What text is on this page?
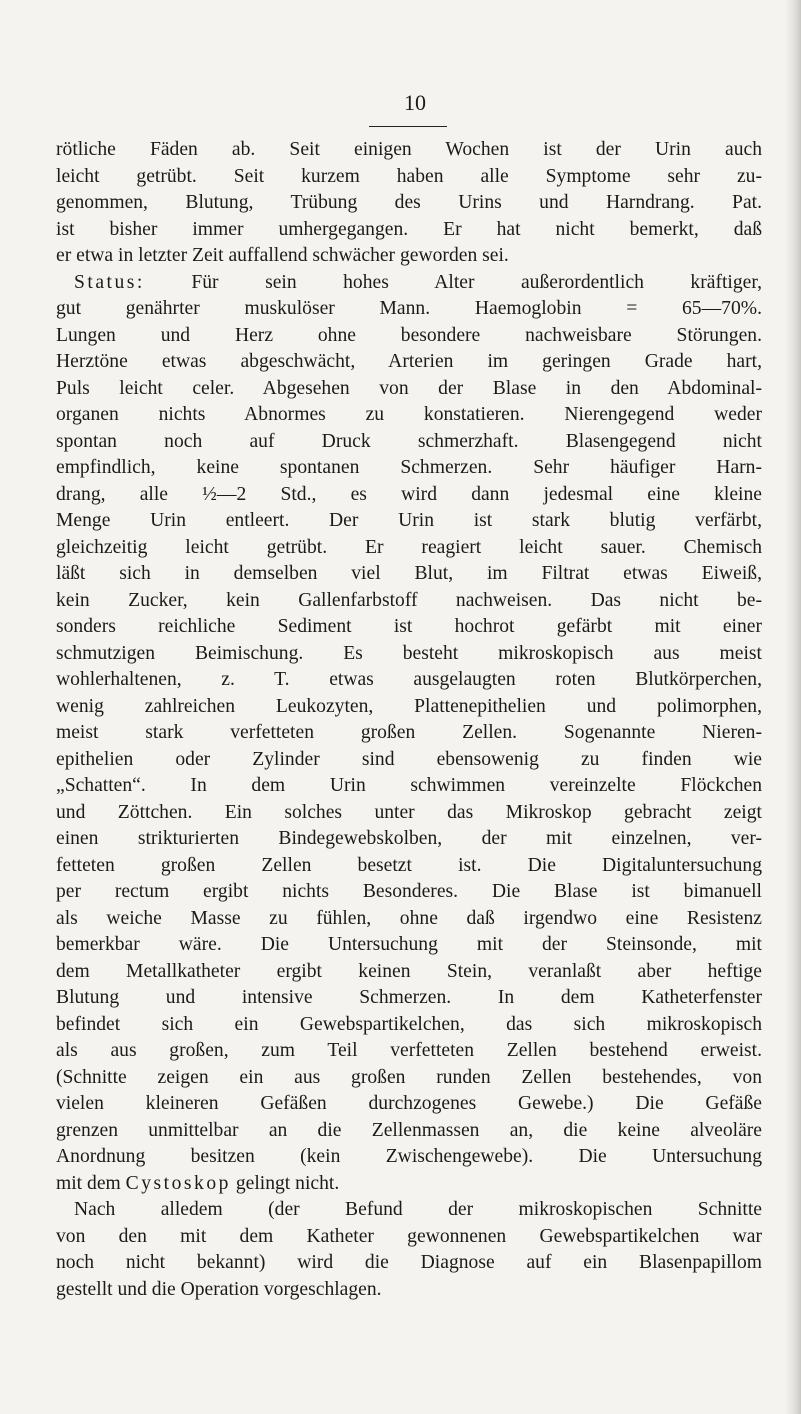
10
rötliche Fäden ab. Seit einigen Wochen ist der Urin auch
leicht getrübt. Seit kurzem haben alle Symptome sehr zu-
genommen, Blutung, Trübung des Urins und Harndrang. Pat.
ist bisher immer umhergegangen. Er hat nicht bemerkt, daß
er etwa in letzter Zeit auffallend schwächer geworden sei.
Status: Für sein hohes Alter außerordentlich kräftiger,
gut genährter muskulöser Mann. Haemoglobin = 65—70%.
Lungen und Herz ohne besondere nachweisbare Störungen.
Herztöne etwas abgeschwächt, Arterien im geringen Grade hart,
Puls leicht celer. Abgesehen von der Blase in den Abdominal-
organen nichts Abnormes zu konstatieren. Nierengegend weder
spontan noch auf Druck schmerzhaft. Blasengegend nicht
empfindlich, keine spontanen Schmerzen. Sehr häufiger Harn-
drang, alle ½—2 Std., es wird dann jedesmal eine kleine
Menge Urin entleert. Der Urin ist stark blutig verfärbt,
gleichzeitig leicht getrübt. Er reagiert leicht sauer. Chemisch
läßt sich in demselben viel Blut, im Filtrat etwas Eiweiß,
kein Zucker, kein Gallenfarbstoff nachweisen. Das nicht be-
sonders reichliche Sediment ist hochrot gefärbt mit einer
schmutzigen Beimischung. Es besteht mikroskopisch aus meist
wohlerhaltenen, z. T. etwas ausgelaugten roten Blutkörperchen,
wenig zahlreichen Leukozyten, Plattenepithelien und polimorphen,
meist stark verfetteten großen Zellen. Sogenannte Nieren-
epithelien oder Zylinder sind ebensowenig zu finden wie
„Schatten“. In dem Urin schwimmen vereinzelte Flöckchen
und Zöttchen. Ein solches unter das Mikroskop gebracht zeigt
einen strikturierten Bindegewebskolben, der mit einzelnen, ver-
fetteten großen Zellen besetzt ist. Die Digitaluntersuchung
per rectum ergibt nichts Besonderes. Die Blase ist bimanuell
als weiche Masse zu fühlen, ohne daß irgendwo eine Resistenz
bemerkbar wäre. Die Untersuchung mit der Steinsonde, mit
dem Metallkatheter ergibt keinen Stein, veranlaßt aber heftige
Blutung und intensive Schmerzen. In dem Katheterfenster
befindet sich ein Gewebspartikelchen, das sich mikroskopisch
als aus großen, zum Teil verfetteten Zellen bestehend erweist.
(Schnitte zeigen ein aus großen runden Zellen bestehendes, von
vielen kleineren Gefäßen durchzogenes Gewebe.) Die Gefäße
grenzen unmittelbar an die Zellenmassen an, die keine alveoläre
Anordnung besitzen (kein Zwischengewebe). Die Untersuchung
mit dem Cystoskop gelingt nicht.
Nach alledem (der Befund der mikroskopischen Schnitte
von den mit dem Katheter gewonnenen Gewebspartikelchen war
noch nicht bekannt) wird die Diagnose auf ein Blasenpapillom
gestellt und die Operation vorgeschlagen.
